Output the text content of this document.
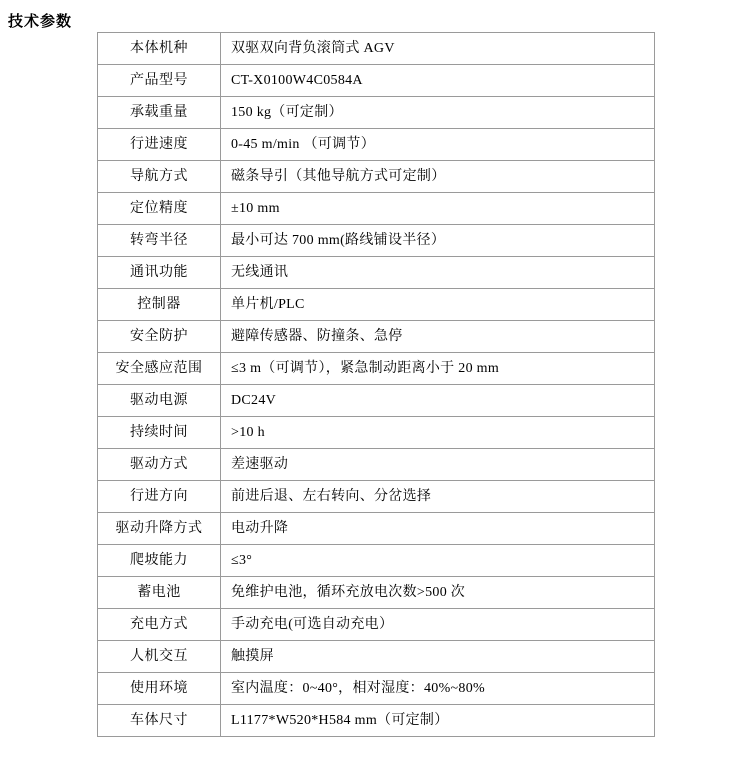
技术参数
本体机种	双驱双向背负滚筒式 AGV
产品型号	CT-X0100W4C0584A
承载重量	150 kg（可定制）
行进速度	0-45 m/min （可调节）
导航方式	磁条导引（其他导航方式可定制）
定位精度	±10 mm
转弯半径	最小可达 700 mm(路线铺设半径）
通讯功能	无线通讯
控制器	单片机/PLC
安全防护	避障传感器、防撞条、急停
安全感应范围	≤3 m（可调节），紧急制动距离小于 20 mm
驱动电源	DC24V
持续时间	>10 h
驱动方式	差速驱动
行进方向	前进后退、左右转向、分岔选择
驱动升降方式	电动升降
爬坡能力	≤3°
蓄电池	免维护电池，循环充放电次数>500 次
充电方式	手动充电(可选自动充电）
人机交互	触摸屏
使用环境	室内温度：0~40°，相对湿度：40%~80%
车体尺寸	L1177*W520*H584 mm（可定制）
